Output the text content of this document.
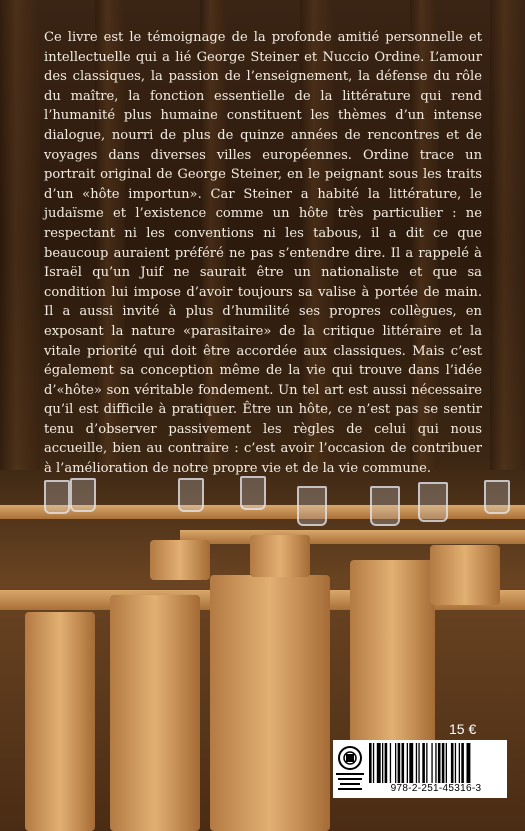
Ce livre est le témoignage de la profonde amitié personnelle et intellectuelle qui a lié George Steiner et Nuccio Ordine. L’amour des classiques, la passion de l’enseignement, la défense du rôle du maître, la fonction essentielle de la littérature qui rend l’humanité plus humaine constituent les thèmes d’un intense dialogue, nourri de plus de quinze années de rencontres et de voyages dans diverses villes européennes. Ordine trace un portrait original de George Steiner, en le peignant sous les traits d’un «hôte importun». Car Steiner a habité la littérature, le judaïsme et l’existence comme un hôte très particulier : ne respectant ni les conventions ni les tabous, il a dit ce que beaucoup auraient préféré ne pas s’entendre dire. Il a rappelé à Israël qu’un Juif ne saurait être un nationaliste et que sa condition lui impose d’avoir toujours sa valise à portée de main. Il a aussi invité à plus d’humilité ses propres collègues, en exposant la nature «parasitaire» de la critique littéraire et la vitale priorité qui doit être accordée aux classiques. Mais c’est également sa conception même de la vie qui trouve dans l’idée d’«hôte» son véritable fondement. Un tel art est aussi nécessaire qu’il est difficile à pratiquer. Être un hôte, ce n’est pas se sentir tenu d’observer passivement les règles de celui qui nous accueille, bien au contraire : c’est avoir l’occasion de contribuer à l’amélioration de notre propre vie et de la vie commune.
15 €
978-2-251-45316-3
